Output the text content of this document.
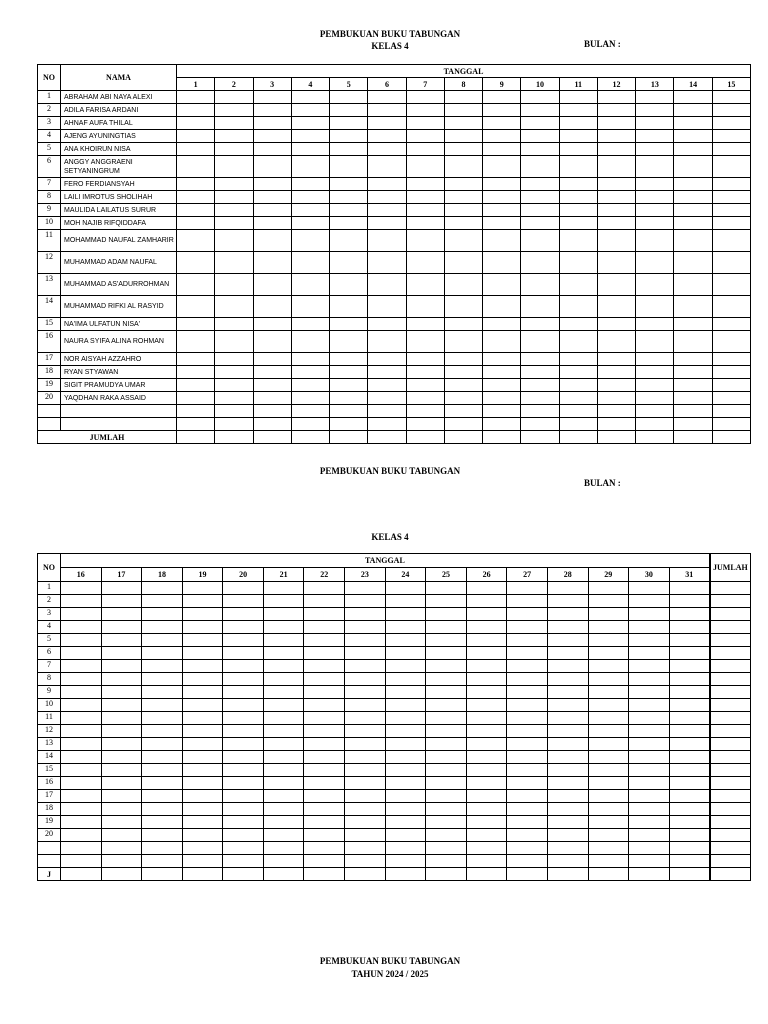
PEMBUKUAN BUKU TABUNGAN
KELAS 4	BULAN :
NO	NAMA	TANGGAL														
		1	2	3	4	5	6	7	8	9	10	11	12	13	14	15
1	ABRAHAM ABI NAYA ALEXI															
2	ADILA FARISA ARDANI															
3	AHNAF AUFA THILAL															
4	AJENG AYUNINGTIAS															
5	ANA KHOIRUN NISA															
6	ANGGY ANGGRAENI SETYANINGRUM															
7	FERO FERDIANSYAH															
8	LAILI IMROTUS SHOLIHAH															
9	MAULIDA LAILATUS SURUR															
10	MOH NAJIB RIFQIDDAFA															
11	MOHAMMAD NAUFAL ZAMHARIR															
12	MUHAMMAD ADAM NAUFAL															
13	MUHAMMAD AS'ADURROHMAN															
14	MUHAMMAD RIFKI AL RASYID															
15	NA'IMA ULFATUN NISA'															
16	NAURA SYIFA ALINA ROHMAN															
17	NOR AISYAH AZZAHRO															
18	RYAN STYAWAN															
19	SIGIT PRAMUDYA UMAR															
20	YAQDHAN RAKA ASSAID															

JUMLAH																
PEMBUKUAN BUKU TABUNGAN
BULAN :
KELAS 4
NO	TANGGAL																JUMLAH
	16	17	18	19	20	21	22	23	24	25	26	27	28	29	30	31	
1																	
2																	
3																	
4																	
5																	
6																	
7																	
8																	
9																	
10																	
11																	
12																	
13																	
14																	
15																	
16																	
17																	
18																	
19																	
20																	

J																	
PEMBUKUAN BUKU TABUNGAN
TAHUN 2024 / 2025
